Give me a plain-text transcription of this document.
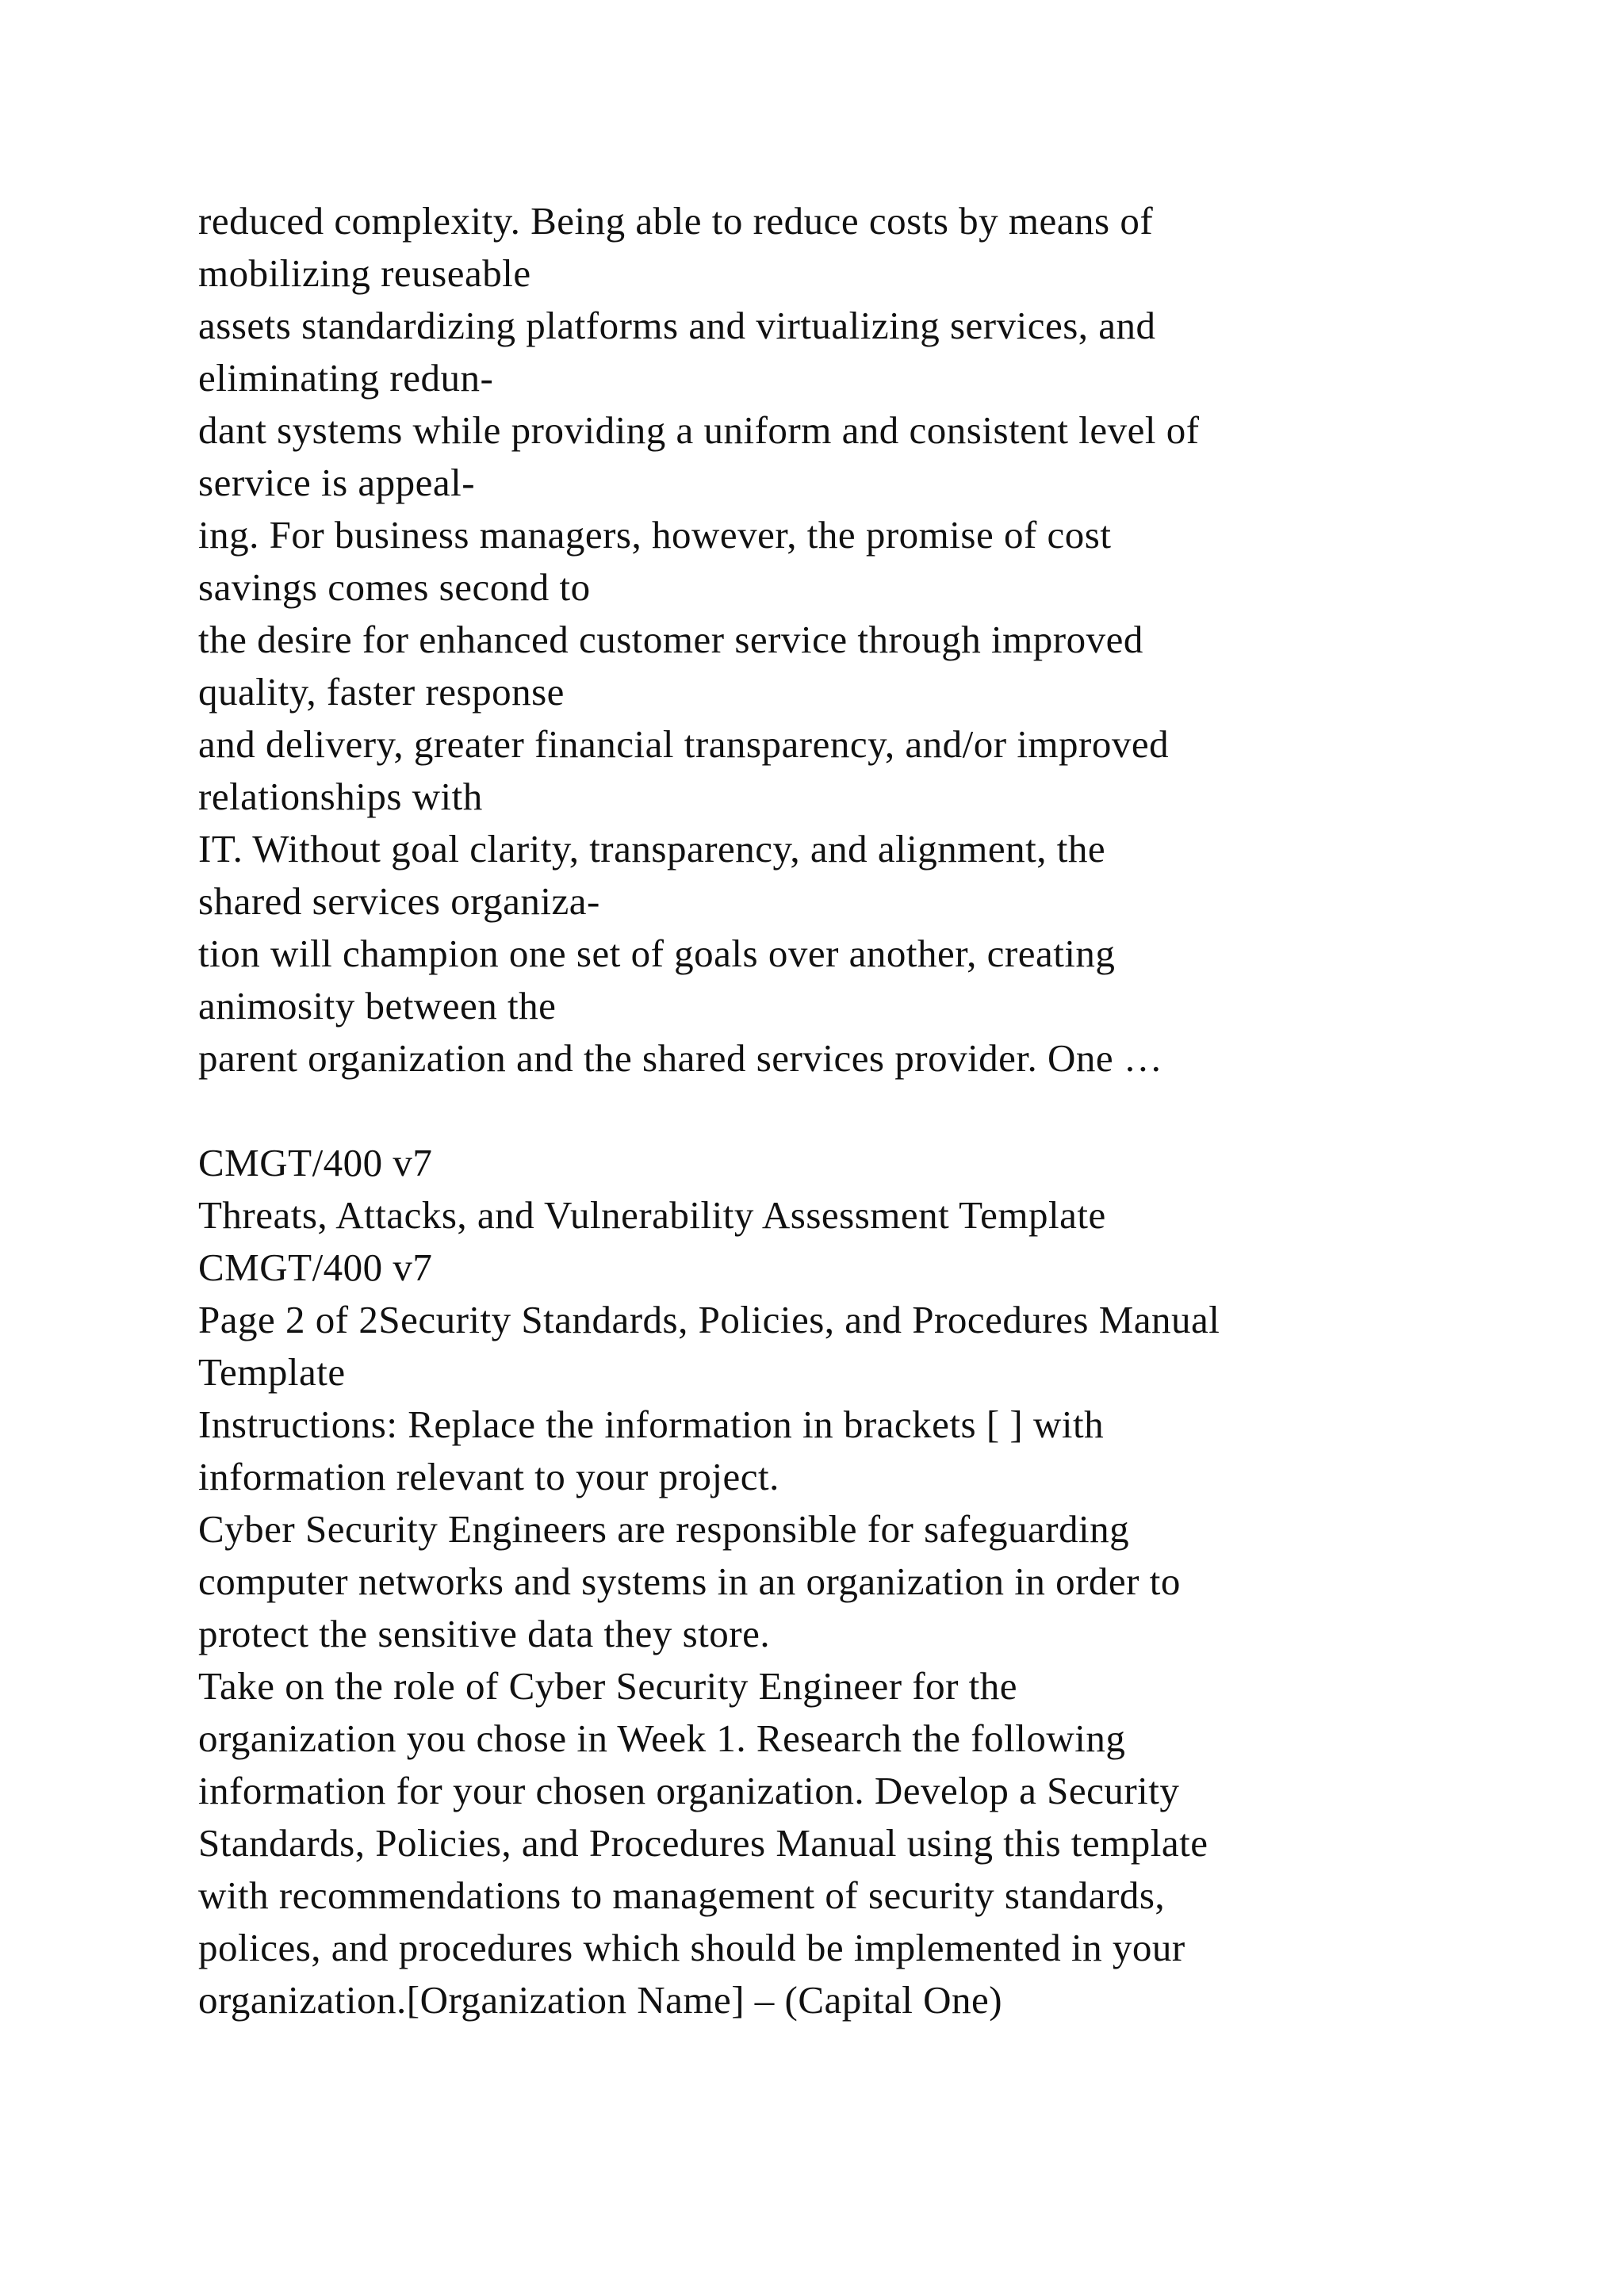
reduced complexity. Being able to reduce costs by means of
mobilizing reuseable
assets standardizing platforms and virtualizing services, and
eliminating redun-
dant systems while providing a uniform and consistent level of
service is appeal-
ing. For business managers, however, the promise of cost
savings comes second to
the desire for enhanced customer service through improved
quality, faster response
and delivery, greater financial transparency, and/or improved
relationships with
IT. Without goal clarity, transparency, and alignment, the
shared services organiza-
tion will champion one set of goals over another, creating
animosity between the
parent organization and the shared services provider. One …
CMGT/400 v7
Threats, Attacks, and Vulnerability Assessment Template
CMGT/400 v7
Page 2 of 2Security Standards, Policies, and Procedures Manual
Template
Instructions: Replace the information in brackets [ ] with
information relevant to your project.
Cyber Security Engineers are responsible for safeguarding
computer networks and systems in an organization in order to
protect the sensitive data they store.
Take on the role of Cyber Security Engineer for the
organization you chose in Week 1. Research the following
information for your chosen organization. Develop a Security
Standards, Policies, and Procedures Manual using this template
with recommendations to management of security standards,
polices, and procedures which should be implemented in your
organization.[Organization Name] – (Capital One)
